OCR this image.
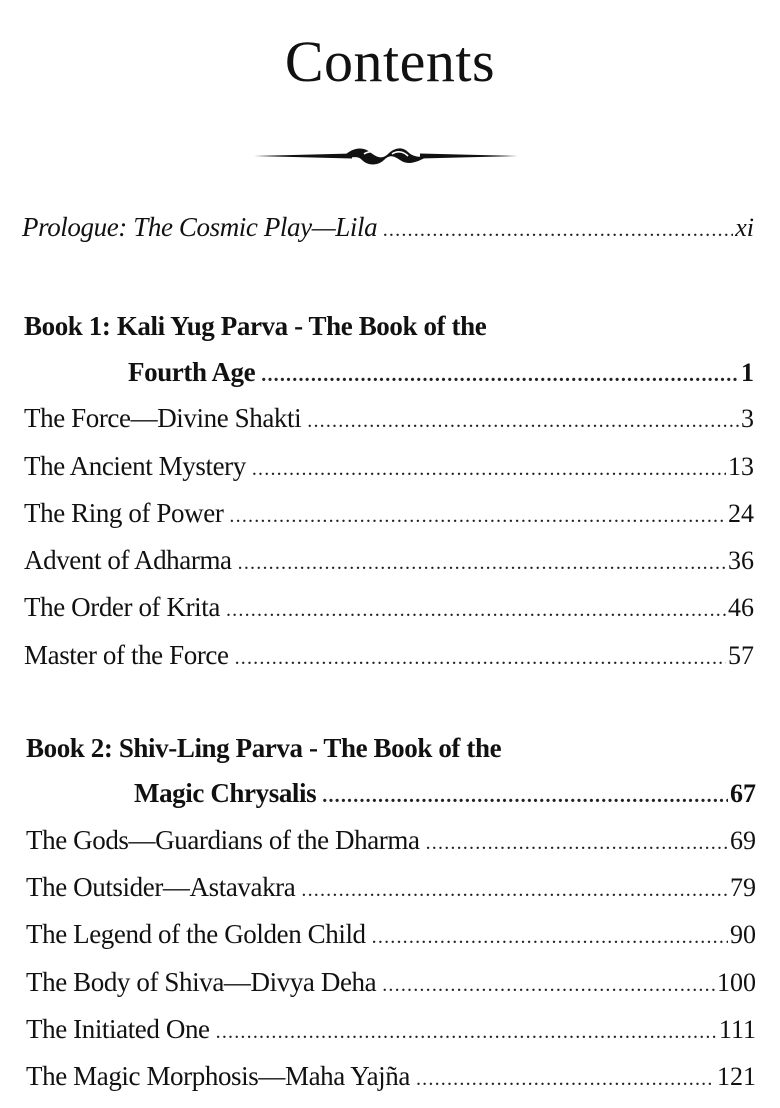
Contents
Prologue: The Cosmic Play—Lila .....	xi
Book 1: Kali Yug Parva - The Book of the
Fourth Age .....	1
The Force—Divine Shakti .....	3
The Ancient Mystery .....	13
The Ring of Power .....	24
Advent of Adharma .....	36
The Order of Krita .....	46
Master of the Force .....	57
Book 2: Shiv-Ling Parva - The Book of the
Magic Chrysalis .....	67
The Gods—Guardians of the Dharma .....	69
The Outsider—Astavakra .....	79
The Legend of the Golden Child .....	90
The Body of Shiva—Divya Deha .....	100
The Initiated One .....	111
The Magic Morphosis—Maha Yajña .....	121
